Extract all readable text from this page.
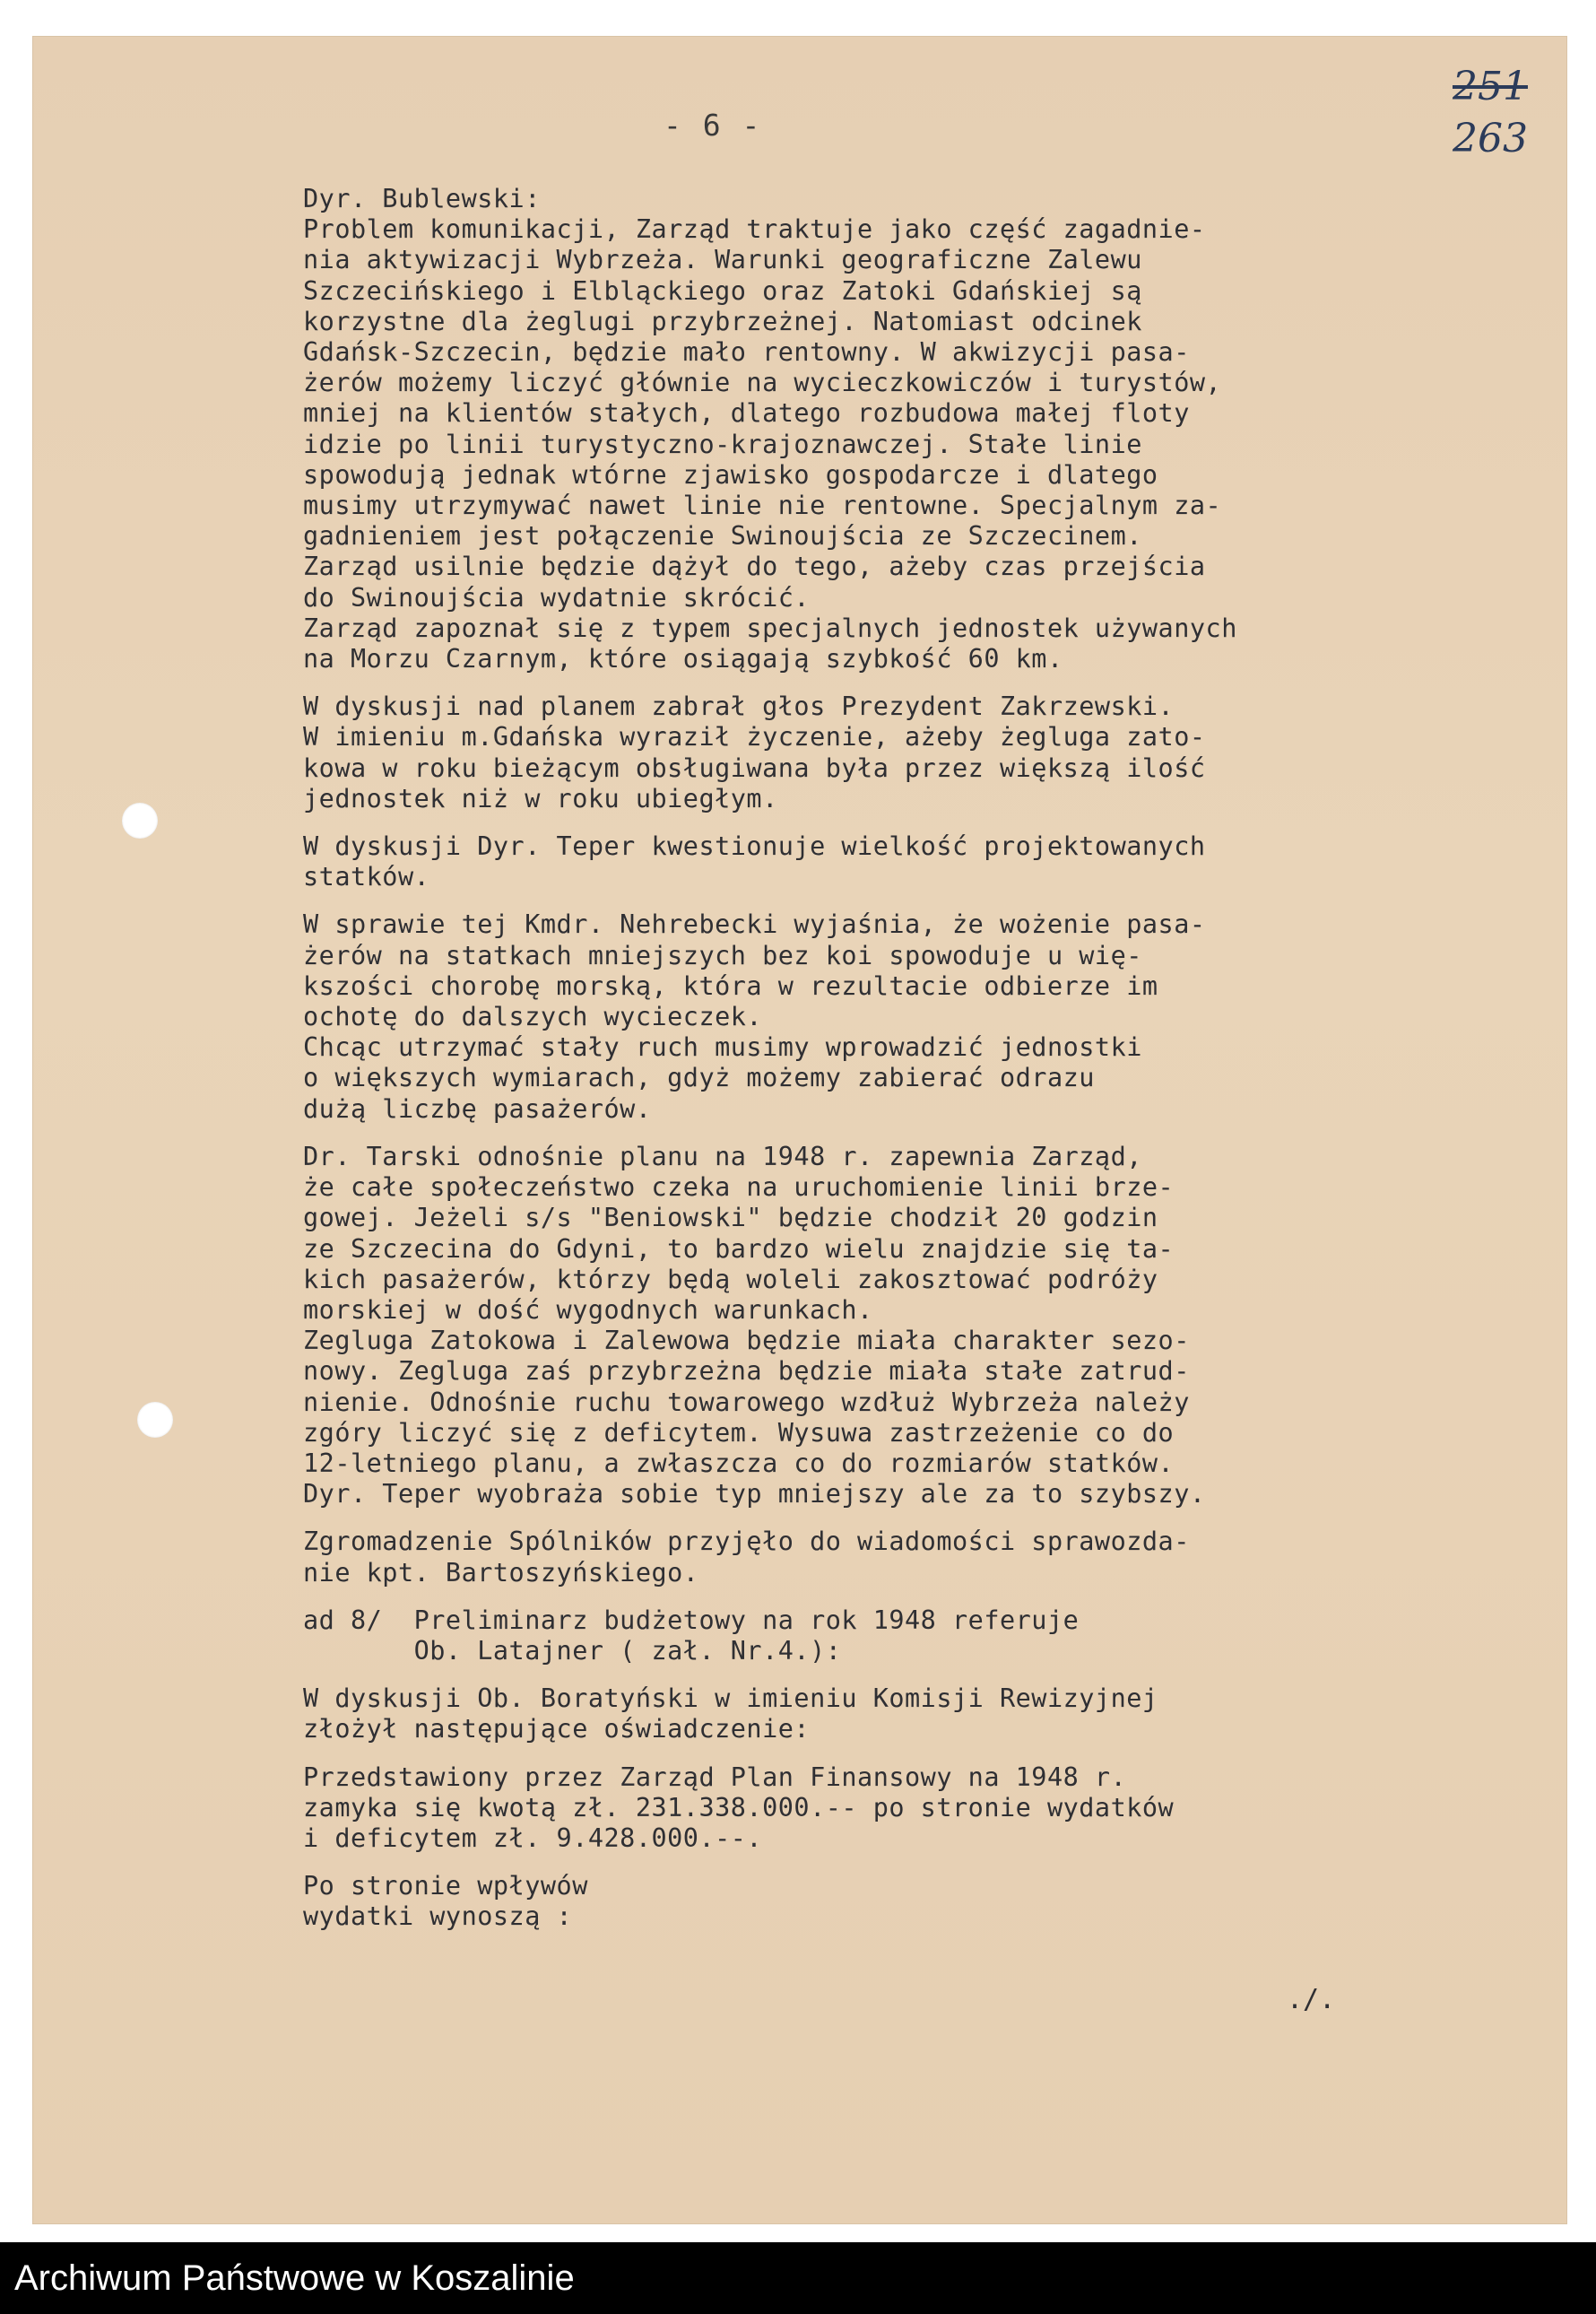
- 6 -
251
263
Dyr. Bublewski:
Problem komunikacji, Zarząd traktuje jako część zagadnie-
nia aktywizacji Wybrzeża. Warunki geograficzne Zalewu
Szczecińskiego i Elbląckiego oraz Zatoki Gdańskiej są
korzystne dla żeglugi przybrzeżnej. Natomiast odcinek
Gdańsk-Szczecin, będzie mało rentowny. W akwizycji pasa-
żerów możemy liczyć głównie na wycieczkowiczów i turystów,
mniej na klientów stałych, dlatego rozbudowa małej floty
idzie po linii turystyczno-krajoznawczej. Stałe linie
spowodują jednak wtórne zjawisko gospodarcze i dlatego
musimy utrzymywać nawet linie nie rentowne. Specjalnym za-
gadnieniem jest połączenie Swinoujścia ze Szczecinem.
Zarząd usilnie będzie dążył do tego, ażeby czas przejścia
do Swinoujścia wydatnie skrócić.
Zarząd zapoznał się z typem specjalnych jednostek używanych
na Morzu Czarnym, które osiągają szybkość 60 km.
W dyskusji nad planem zabrał głos Prezydent Zakrzewski.
W imieniu m.Gdańska wyraził życzenie, ażeby żegluga zato-
kowa w roku bieżącym obsługiwana była przez większą ilość
jednostek niż w roku ubiegłym.
W dyskusji Dyr. Teper kwestionuje wielkość projektowanych
statków.
W sprawie tej Kmdr. Nehrebecki wyjaśnia, że wożenie pasa-
żerów na statkach mniejszych bez koi spowoduje u wię-
kszości chorobę morską, która w rezultacie odbierze im
ochotę do dalszych wycieczek.
Chcąc utrzymać stały ruch musimy wprowadzić jednostki
o większych wymiarach, gdyż możemy zabierać odrazu
dużą liczbę pasażerów.
Dr. Tarski odnośnie planu na 1948 r. zapewnia Zarząd,
że całe społeczeństwo czeka na uruchomienie linii brze-
gowej. Jeżeli s/s "Beniowski" będzie chodził 20 godzin
ze Szczecina do Gdyni, to bardzo wielu znajdzie się ta-
kich pasażerów, którzy będą woleli zakosztować podróży
morskiej w dość wygodnych warunkach.
Zegluga Zatokowa i Zalewowa będzie miała charakter sezo-
nowy. Zegluga zaś przybrzeżna będzie miała stałe zatrud-
nienie. Odnośnie ruchu towarowego wzdłuż Wybrzeża należy
zgóry liczyć się z deficytem. Wysuwa zastrzeżenie co do
12-letniego planu, a zwłaszcza co do rozmiarów statków.
Dyr. Teper wyobraża sobie typ mniejszy ale za to szybszy.
Zgromadzenie Spólników przyjęło do wiadomości sprawozda-
nie kpt. Bartoszyńskiego.
ad 8/  Preliminarz budżetowy na rok 1948 referuje
Ob. Latajner ( zał. Nr.4.):
W dyskusji Ob. Boratyński w imieniu Komisji Rewizyjnej
złożył następujące oświadczenie:
Przedstawiony przez Zarząd Plan Finansowy na 1948 r.
zamyka się kwotą zł. 231.338.000.-- po stronie wydatków
i deficytem zł. 9.428.000.--.
Po stronie wpływów
wydatki wynoszą :
./.
Archiwum Państwowe w Koszalinie
